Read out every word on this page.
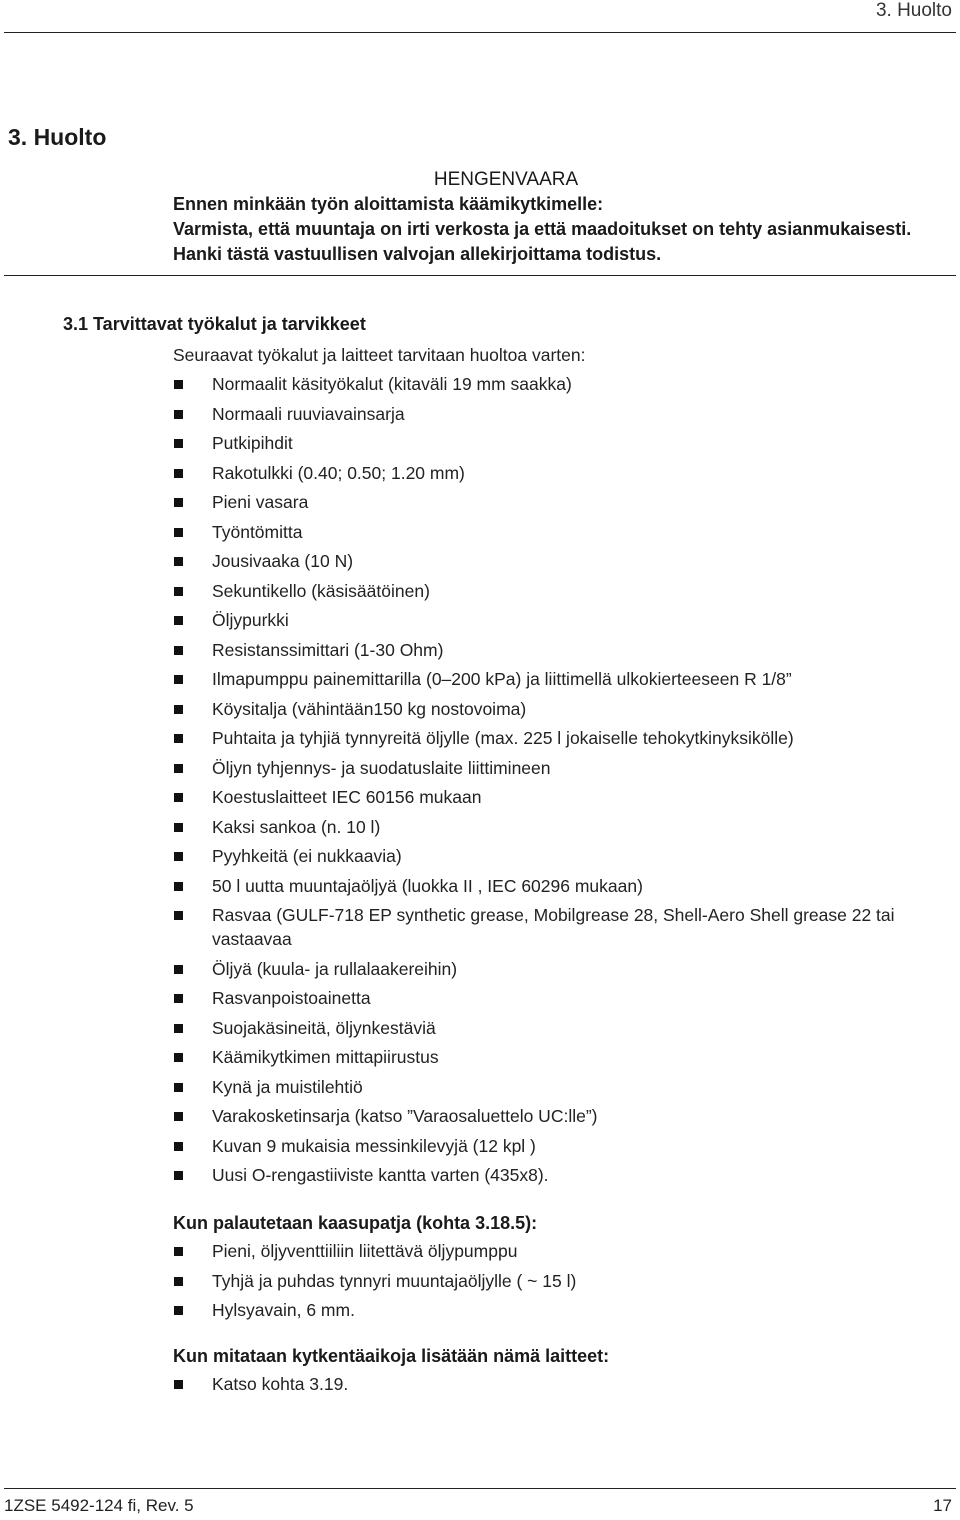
3. Huolto
3. Huolto
HENGENVAARA
Ennen minkään työn aloittamista käämikytkimelle:
Varmista, että muuntaja on irti verkosta ja että maadoitukset on tehty asianmukaisesti.
Hanki tästä vastuullisen valvojan allekirjoittama todistus.
3.1 Tarvittavat työkalut ja tarvikkeet
Seuraavat työkalut ja laitteet tarvitaan huoltoa varten:
Normaalit käsityökalut (kitaväli 19 mm saakka)
Normaali ruuviavainsarja
Putkipihdit
Rakotulkki (0.40; 0.50; 1.20 mm)
Pieni vasara
Työntömitta
Jousivaaka (10 N)
Sekuntikello (käsisäätöinen)
Öljypurkki
Resistanssimittari (1-30 Ohm)
Ilmapumppu painemittarilla (0–200 kPa) ja liittimellä ulkokierteeseen R 1/8”
Köysitalja (vähintään150 kg nostovoima)
Puhtaita ja tyhjiä tynnyreitä öljylle (max. 225 l jokaiselle tehokytkinyksikölle)
Öljyn tyhjennys- ja suodatuslaite liittimineen
Koestuslaitteet IEC 60156 mukaan
Kaksi sankoa (n. 10 l)
Pyyhkeitä (ei nukkaavia)
50 l uutta muuntajaöljyä (luokka II , IEC 60296 mukaan)
Rasvaa (GULF-718 EP synthetic grease, Mobilgrease 28, Shell-Aero Shell grease 22 tai vastaavaa
Öljyä (kuula- ja rullalaakereihin)
Rasvanpoistoainetta
Suojakäsineitä, öljynkestäviä
Käämikytkimen mittapiirustus
Kynä ja muistilehtiö
Varakosketinsarja (katso ”Varaosaluettelo UC:lle”)
Kuvan 9 mukaisia messinkilevyjä (12 kpl )
Uusi O-rengastiiviste kantta varten (435x8).
Kun palautetaan kaasupatja (kohta 3.18.5):
Pieni, öljyventtiiliin liitettävä öljypumppu
Tyhjä ja puhdas tynnyri muuntajaöljylle ( ~ 15 l)
Hylsyavain, 6 mm.
Kun mitataan kytkentäaikoja lisätään nämä laitteet:
Katso kohta 3.19.
1ZSE 5492-124 fi, Rev. 5	17
